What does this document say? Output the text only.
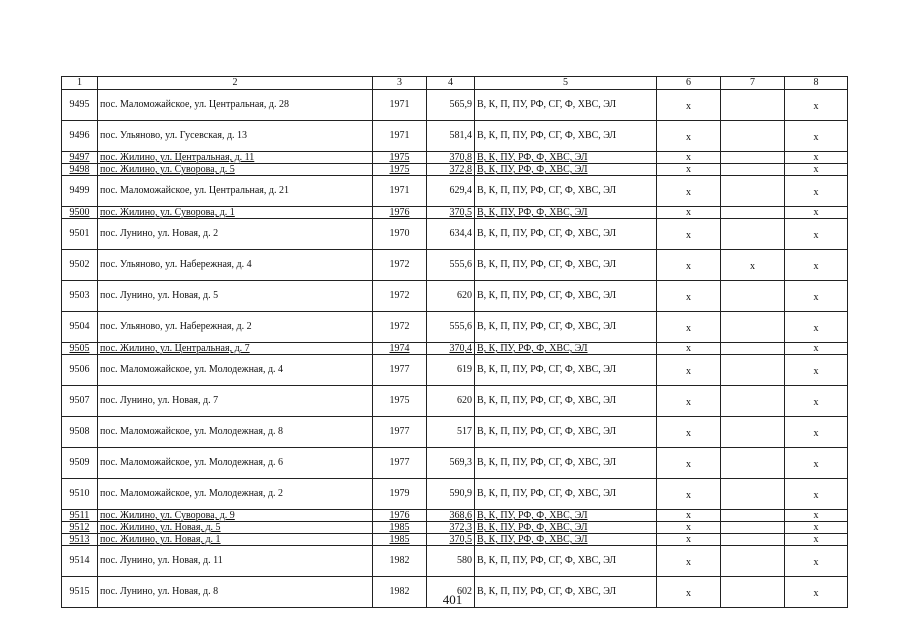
1	2	3	4	5	6	7	8
9495	пос. Маломожайское, ул. Центральная, д. 28	1971	565,9	В, К, П, ПУ, РФ, СГ, Ф, ХВС, ЭЛ	x		x
9496	пос. Ульяново, ул. Гусевская, д. 13	1971	581,4	В, К, П, ПУ, РФ, СГ, Ф, ХВС, ЭЛ	x		x
9497	пос. Жилино, ул. Центральная, д. 11	1975	370,8	В, К, ПУ, РФ, Ф, ХВС, ЭЛ	x		x
9498	пос. Жилино, ул. Суворова, д. 5	1975	372,8	В, К, ПУ, РФ, Ф, ХВС, ЭЛ	x		x
9499	пос. Маломожайское, ул. Центральная, д. 21	1971	629,4	В, К, П, ПУ, РФ, СГ, Ф, ХВС, ЭЛ	x		x
9500	пос. Жилино, ул. Суворова, д. 1	1976	370,5	В, К, ПУ, РФ, Ф, ХВС, ЭЛ	x		x
9501	пос. Лунино, ул. Новая, д. 2	1970	634,4	В, К, П, ПУ, РФ, СГ, Ф, ХВС, ЭЛ	x		x
9502	пос. Ульяново, ул. Набережная, д. 4	1972	555,6	В, К, П, ПУ, РФ, СГ, Ф, ХВС, ЭЛ	x	x	x
9503	пос. Лунино, ул. Новая, д. 5	1972	620	В, К, П, ПУ, РФ, СГ, Ф, ХВС, ЭЛ	x		x
9504	пос. Ульяново, ул. Набережная, д. 2	1972	555,6	В, К, П, ПУ, РФ, СГ, Ф, ХВС, ЭЛ	x		x
9505	пос. Жилино, ул. Центральная, д. 7	1974	370,4	В, К, ПУ, РФ, Ф, ХВС, ЭЛ	x		x
9506	пос. Маломожайское, ул. Молодежная, д. 4	1977	619	В, К, П, ПУ, РФ, СГ, Ф, ХВС, ЭЛ	x		x
9507	пос. Лунино, ул. Новая, д. 7	1975	620	В, К, П, ПУ, РФ, СГ, Ф, ХВС, ЭЛ	x		x
9508	пос. Маломожайское, ул. Молодежная, д. 8	1977	517	В, К, П, ПУ, РФ, СГ, Ф, ХВС, ЭЛ	x		x
9509	пос. Маломожайское, ул. Молодежная, д. 6	1977	569,3	В, К, П, ПУ, РФ, СГ, Ф, ХВС, ЭЛ	x		x
9510	пос. Маломожайское, ул. Молодежная, д. 2	1979	590,9	В, К, П, ПУ, РФ, СГ, Ф, ХВС, ЭЛ	x		x
9511	пос. Жилино, ул. Суворова, д. 9	1976	368,6	В, К, ПУ, РФ, Ф, ХВС, ЭЛ	x		x
9512	пос. Жилино, ул. Новая, д. 5	1985	372,3	В, К, ПУ, РФ, Ф, ХВС, ЭЛ	x		x
9513	пос. Жилино, ул. Новая, д. 1	1985	370,5	В, К, ПУ, РФ, Ф, ХВС, ЭЛ	x		x
9514	пос. Лунино, ул. Новая, д. 11	1982	580	В, К, П, ПУ, РФ, СГ, Ф, ХВС, ЭЛ	x		x
9515	пос. Лунино, ул. Новая, д. 8	1982	602	В, К, П, ПУ, РФ, СГ, Ф, ХВС, ЭЛ	x		x
401
